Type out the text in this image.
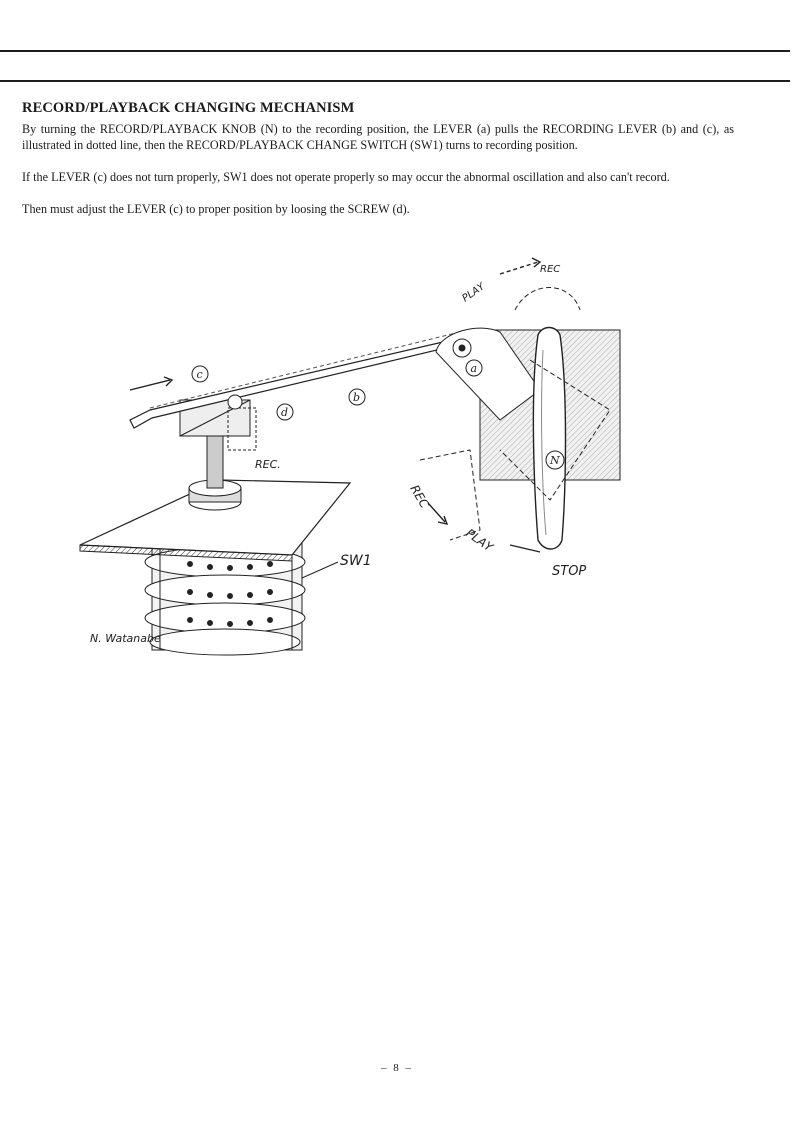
RECORD/PLAYBACK CHANGING MECHANISM

By turning the RECORD/PLAYBACK KNOB (N) to the recording position, the LEVER (a) pulls the RECORDING LEVER (b) and (c), as illustrated in dotted line, then the RECORD/PLAYBACK CHANGE SWITCH (SW1) turns to recording position.

If the LEVER (c) does not turn properly, SW1 does not operate properly so may occur the abnormal oscillation and also can't record.

Then must adjust the LEVER (c) to proper position by loosing the SCREW (d).

c
d
b
a
N
SW1
REC.
REC
PLAY
STOP
PLAY
REC
N. Watanabe

– 8 –
